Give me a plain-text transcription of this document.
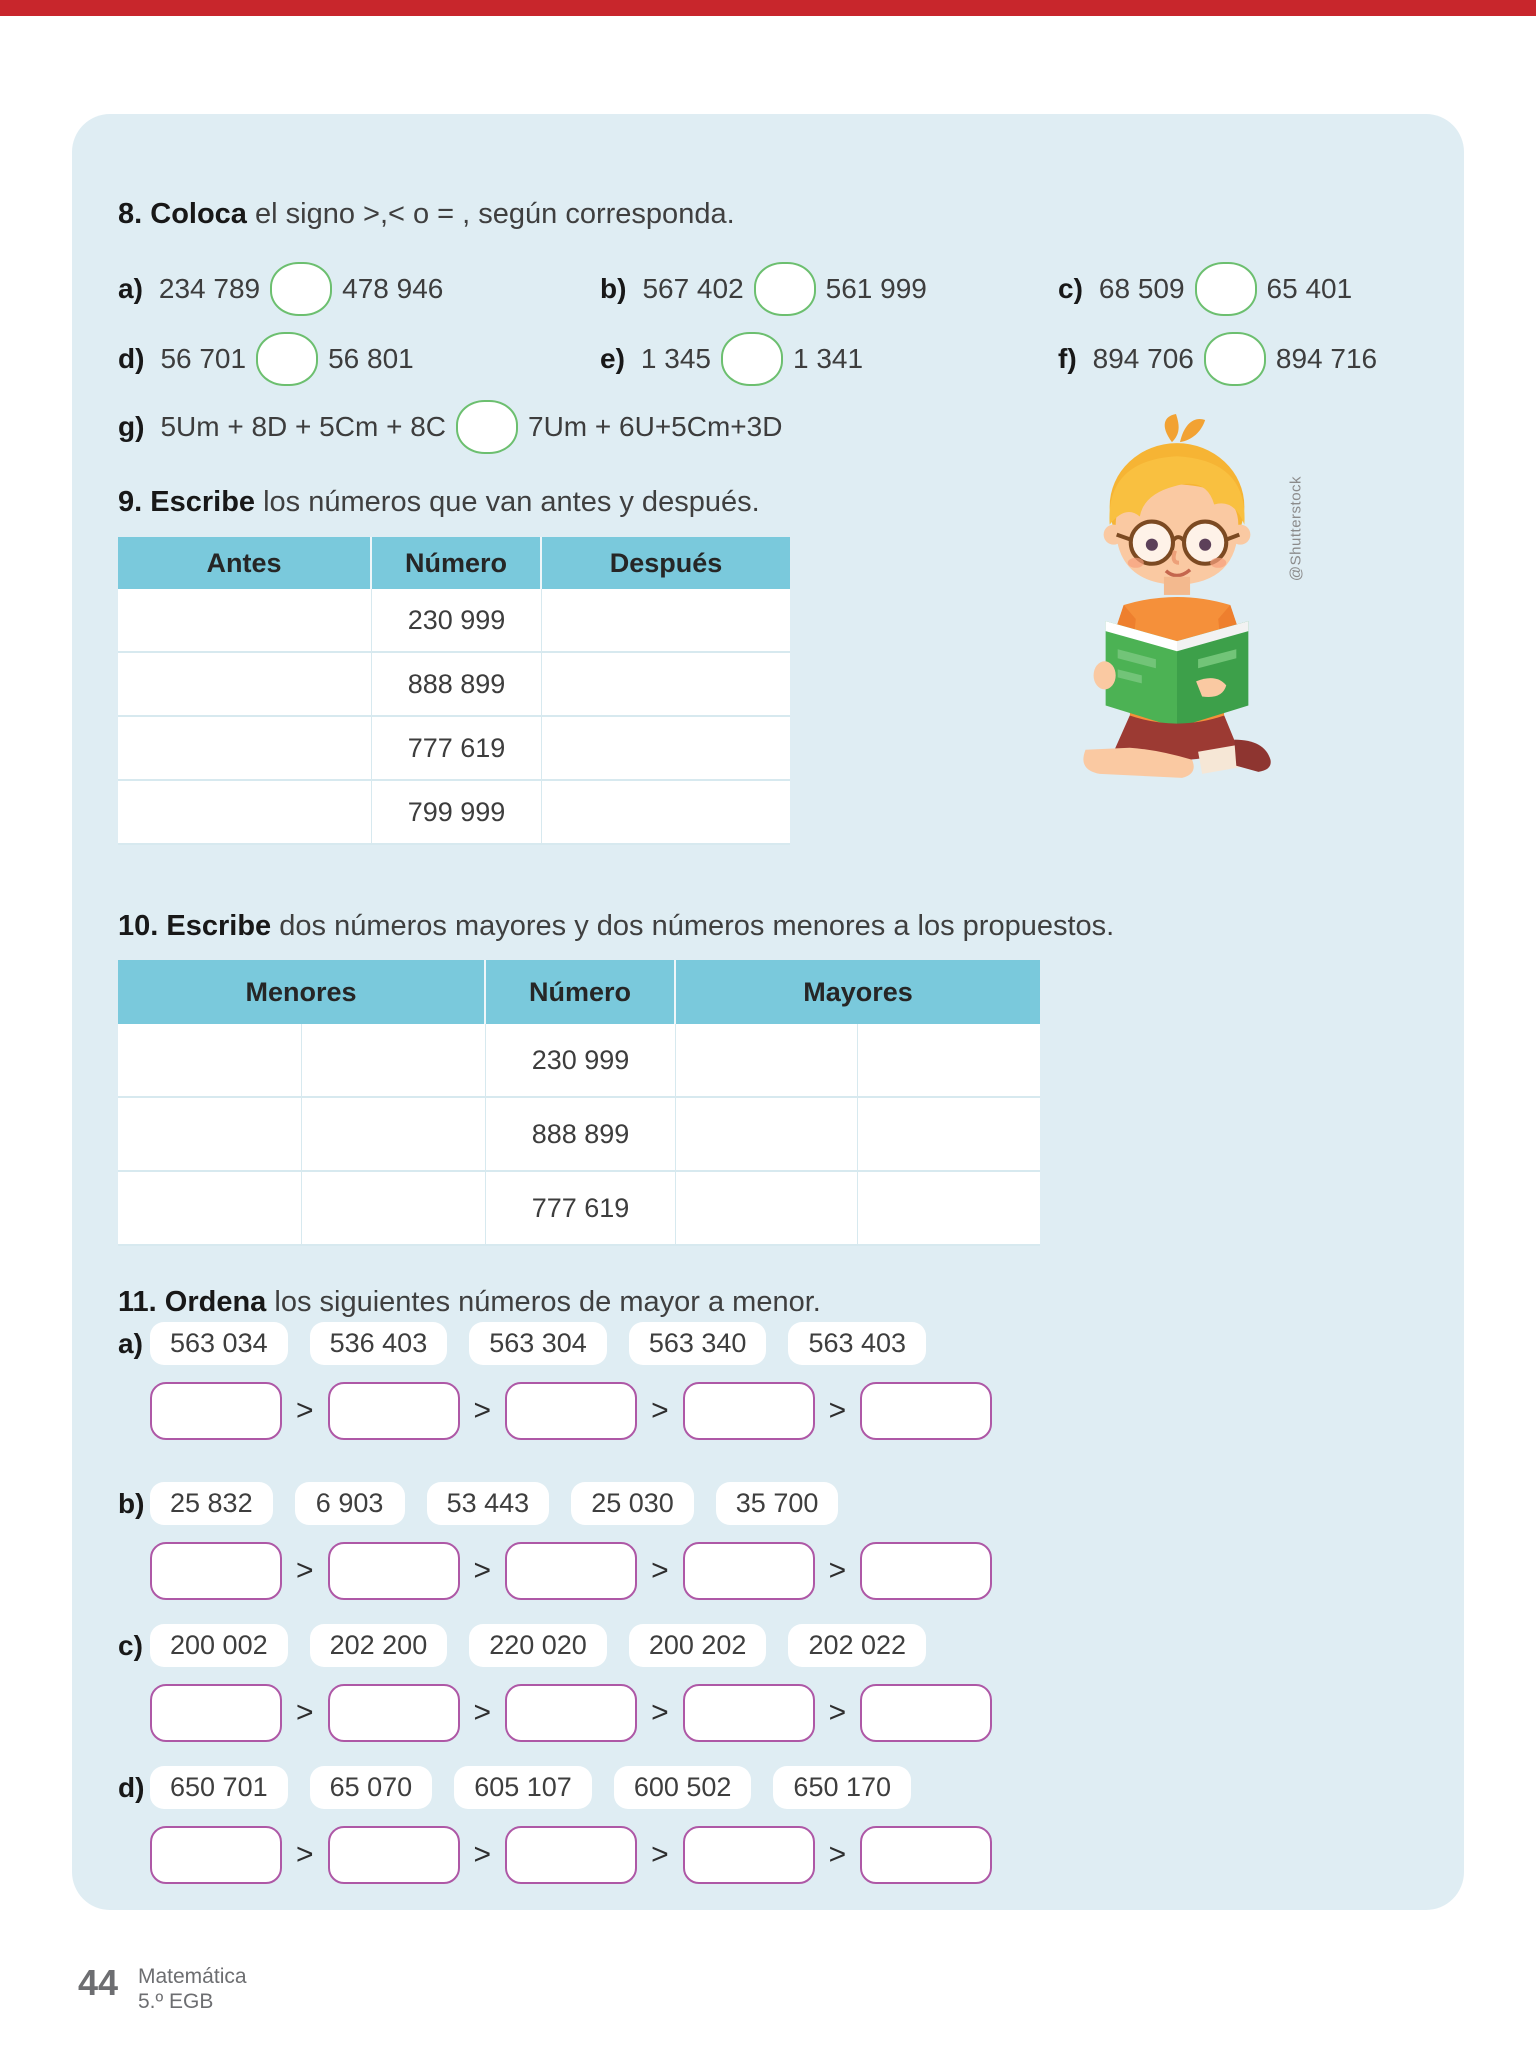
8. Coloca el signo >,< o = , según corresponda.
a) 234 789	478 946	b) 567 402	561 999	c) 68 509	65 401
d) 56 701	56 801	e) 1 345	1 341	f) 894 706	894 716
g) 5Um + 8D + 5Cm + 8C	7Um + 6U+5Cm+3D
9. Escribe los números que van antes y después.
Antes	Número	Después
230 999
888 899
777 619
799 999
@Shutterstock
10. Escribe dos números mayores y dos números menores a los propuestos.
Menores	Número	Mayores
230 999
888 899
777 619
11. Ordena los siguientes números de mayor a menor.
a)	563 034	536 403	563 304	563 340	563 403
>	>	>	>
b) 25 832	6 903	53 443	25 030	35 700
>	>	>	>
c)	200 002	202 200	220 020	200 202	202 022
>	>	>	>
d) 650 701	65 070	605 107	600 502	650 170
>	>	>	>
44 Matemática
5.º EGB
